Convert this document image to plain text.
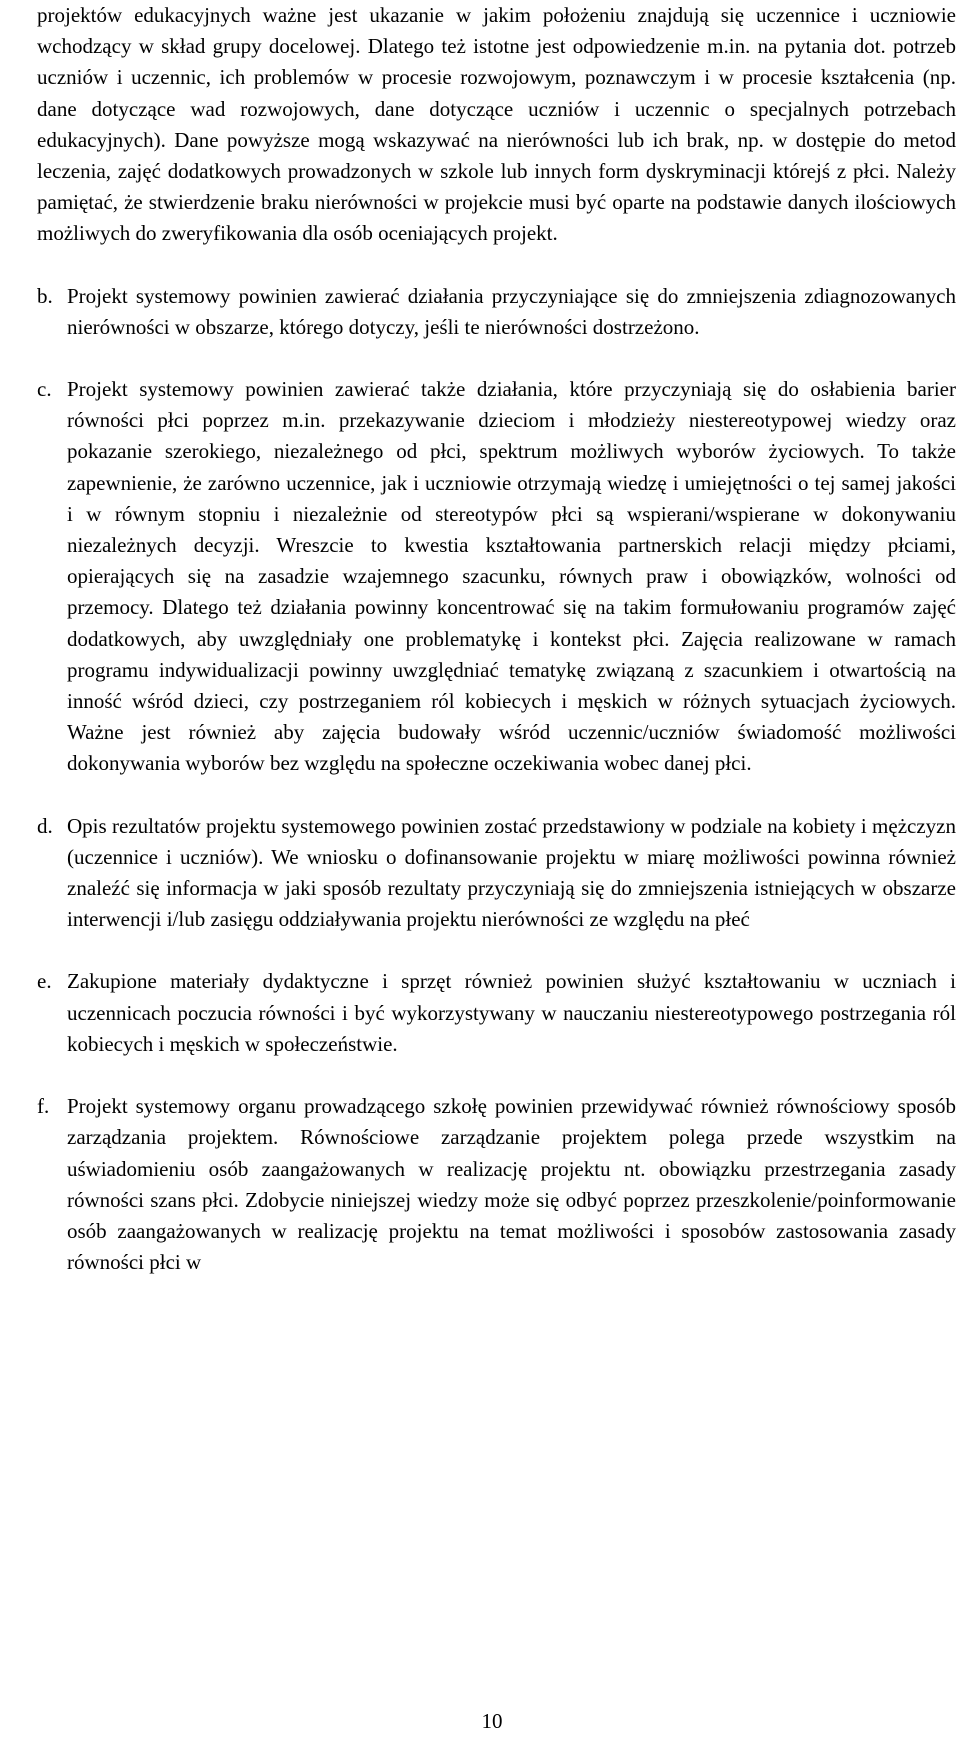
projektów edukacyjnych ważne jest ukazanie w jakim położeniu znajdują się uczennice i uczniowie wchodzący w skład grupy docelowej. Dlatego też istotne jest odpowiedzenie m.in. na pytania dot. potrzeb uczniów i uczennic, ich problemów w procesie rozwojowym, poznawczym i w procesie kształcenia (np. dane dotyczące wad rozwojowych, dane dotyczące uczniów i uczennic o specjalnych potrzebach edukacyjnych). Dane powyższe mogą wskazywać na nierówności lub ich brak, np. w dostępie do metod leczenia, zajęć dodatkowych prowadzonych w szkole lub innych form dyskryminacji którejś z płci. Należy pamiętać, że stwierdzenie braku nierówności w projekcie musi być oparte na podstawie danych ilościowych możliwych do zweryfikowania dla osób oceniających projekt.

b. Projekt systemowy powinien zawierać działania przyczyniające się do zmniejszenia zdiagnozowanych nierówności w obszarze, którego dotyczy, jeśli te nierówności dostrzeżono.

c. Projekt systemowy powinien zawierać także działania, które przyczyniają się do osłabienia barier równości płci poprzez m.in. przekazywanie dzieciom i młodzieży niestereotypowej wiedzy oraz pokazanie szerokiego, niezależnego od płci, spektrum możliwych wyborów życiowych. To także zapewnienie, że zarówno uczennice, jak i uczniowie otrzymają wiedzę i umiejętności o tej samej jakości i w równym stopniu i niezależnie od stereotypów płci są wspierani/wspierane w dokonywaniu niezależnych decyzji. Wreszcie to kwestia kształtowania partnerskich relacji między płciami, opierających się na zasadzie wzajemnego szacunku, równych praw i obowiązków, wolności od przemocy. Dlatego też działania powinny koncentrować się na takim formułowaniu programów zajęć dodatkowych, aby uwzględniały one problematykę i kontekst płci. Zajęcia realizowane w ramach programu indywidualizacji powinny uwzględniać tematykę związaną z szacunkiem i otwartością na inność wśród dzieci, czy postrzeganiem ról kobiecych i męskich w różnych sytuacjach życiowych. Ważne jest również aby zajęcia budowały wśród uczennic/uczniów świadomość możliwości dokonywania wyborów bez względu na społeczne oczekiwania wobec danej płci.

d. Opis rezultatów projektu systemowego powinien zostać przedstawiony w podziale na kobiety i mężczyzn (uczennice i uczniów). We wniosku o dofinansowanie projektu w miarę możliwości powinna również znaleźć się informacja w jaki sposób rezultaty przyczyniają się do zmniejszenia istniejących w obszarze interwencji i/lub zasięgu oddziaływania projektu nierówności ze względu na płeć

e. Zakupione materiały dydaktyczne i sprzęt również powinien służyć kształtowaniu w uczniach i uczennicach poczucia równości i być wykorzystywany w nauczaniu niestereotypowego postrzegania ról kobiecych i męskich w społeczeństwie.

f. Projekt systemowy organu prowadzącego szkołę powinien przewidywać również równościowy sposób zarządzania projektem. Równościowe zarządzanie projektem polega przede wszystkim na uświadomieniu osób zaangażowanych w realizację projektu nt. obowiązku przestrzegania zasady równości szans płci. Zdobycie niniejszej wiedzy może się odbyć poprzez przeszkolenie/poinformowanie osób zaangażowanych w realizację projektu na temat możliwości i sposobów zastosowania zasady równości płci w

10
